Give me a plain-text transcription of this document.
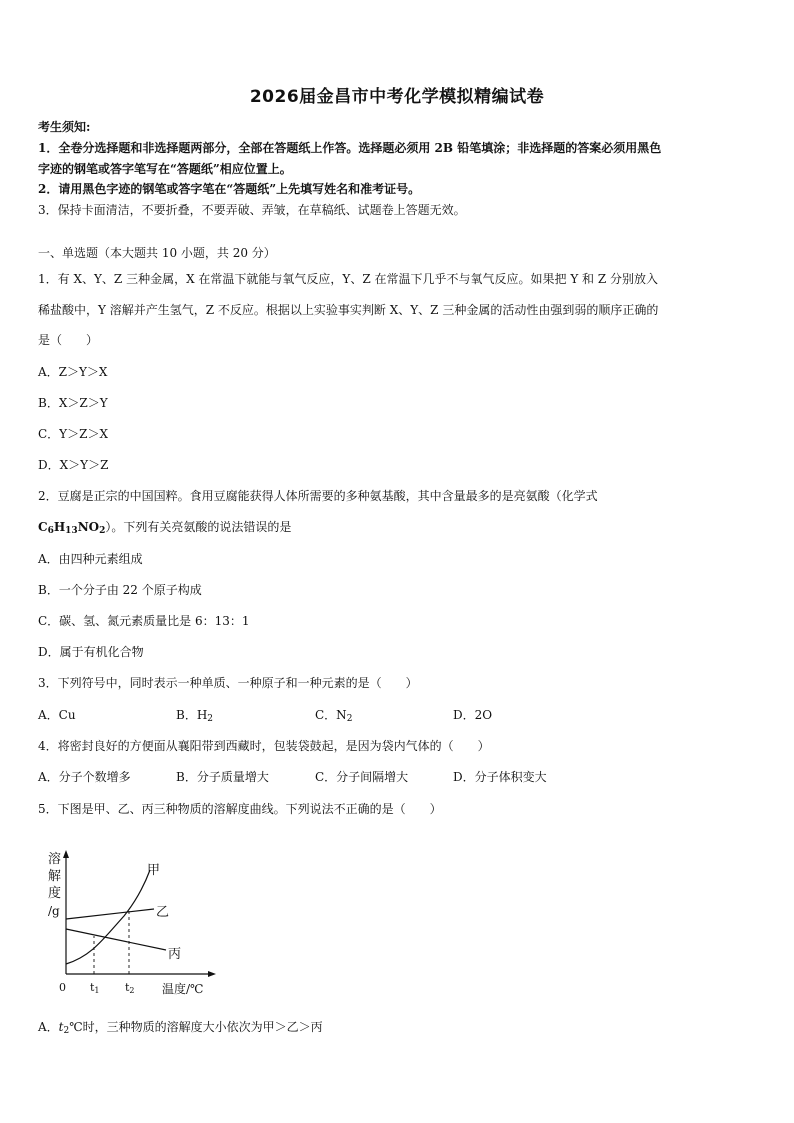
2026届金昌市中考化学模拟精编试卷
考生须知:
1．全卷分选择题和非选择题两部分，全部在答题纸上作答。选择题必须用 2B 铅笔填涂；非选择题的答案必须用黑色
字迹的钢笔或答字笔写在“答题纸”相应位置上。
2．请用黑色字迹的钢笔或答字笔在“答题纸”上先填写姓名和准考证号。
3．保持卡面清洁，不要折叠，不要弄破、弄皱，在草稿纸、试题卷上答题无效。
一、单选题（本大题共 10 小题，共 20 分）
1．有 X、Y、Z 三种金属，X 在常温下就能与氧气反应，Y、Z 在常温下几乎不与氧气反应。如果把 Y 和 Z 分别放入
稀盐酸中，Y 溶解并产生氢气，Z 不反应。根据以上实验事实判断 X、Y、Z 三种金属的活动性由强到弱的顺序正确的
是（　　）
A．Z＞Y＞X
B．X＞Z＞Y
C．Y＞Z＞X
D．X＞Y＞Z
2．豆腐是正宗的中国国粹。食用豆腐能获得人体所需要的多种氨基酸，其中含量最多的是亮氨酸（化学式
$C_6H_{13}NO_2$）。下列有关亮氨酸的说法错误的是
A．由四种元素组成
B．一个分子由 22 个原子构成
C．碳、氢、氮元素质量比是 6：13：1
D．属于有机化合物
3．下列符号中，同时表示一种单质、一种原子和一种元素的是（　　）
A．Cu	B．$H_2$	C．$N_2$	D．2O
4．将密封良好的方便面从襄阳带到西藏时，包装袋鼓起，是因为袋内气体的（　　）
A．分子个数增多	B．分子质量增大	C．分子间隔增大	D．分子体积变大
5．下图是甲、乙、丙三种物质的溶解度曲线。下列说法不正确的是（　　）
溶
解
度
/g
甲
乙
丙
0 t1 t2 温度/℃
A．$t_2℃$时，三种物质的溶解度大小依次为甲＞乙＞丙
